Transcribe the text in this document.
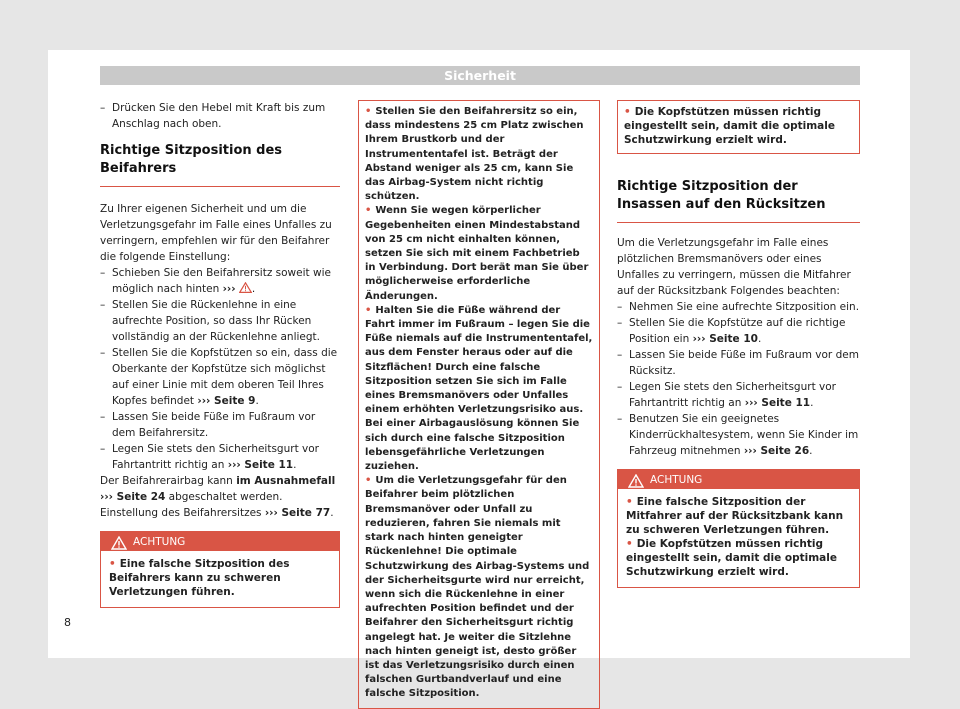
Sicherheit
– Drücken Sie den Hebel mit Kraft bis zum Anschlag nach oben.
Richtige Sitzposition des Beifahrers

Zu Ihrer eigenen Sicherheit und um die Verletzungsgefahr im Falle eines Unfalles zu verringern, empfehlen wir für den Beifahrer die folgende Einstellung:

– Schieben Sie den Beifahrersitz soweit wie möglich nach hinten ››› .
– Stellen Sie die Rückenlehne in eine aufrechte Position, so dass Ihr Rücken vollständig an der Rückenlehne anliegt.
– Stellen Sie die Kopfstützen so ein, dass die Oberkante der Kopfstütze sich möglichst auf einer Linie mit dem oberen Teil Ihres Kopfes befindet ››› Seite 9.
– Lassen Sie beide Füße im Fußraum vor dem Beifahrersitz.
– Legen Sie stets den Sicherheitsgurt vor Fahrtantritt richtig an ››› Seite 11.

Der Beifahrerairbag kann im Ausnahmefall ››› Seite 24 abgeschaltet werden.

Einstellung des Beifahrersitzes ››› Seite 77.

ACHTUNG
• Eine falsche Sitzposition des Beifahrers kann zu schweren Verletzungen führen.
• Stellen Sie den Beifahrersitz so ein, dass mindestens 25 cm Platz zwischen Ihrem Brustkorb und der Instrumententafel ist. Beträgt der Abstand weniger als 25 cm, kann Sie das Airbag-System nicht richtig schützen.
• Wenn Sie wegen körperlicher Gegebenheiten einen Mindestabstand von 25 cm nicht einhalten können, setzen Sie sich mit einem Fachbetrieb in Verbindung. Dort berät man Sie über möglicherweise erforderliche Änderungen.
• Halten Sie die Füße während der Fahrt immer im Fußraum – legen Sie die Füße niemals auf die Instrumententafel, aus dem Fenster heraus oder auf die Sitzflächen! Durch eine falsche Sitzposition setzen Sie sich im Falle eines Bremsmanövers oder Unfalles einem erhöhten Verletzungsrisiko aus. Bei einer Airbagauslösung können Sie sich durch eine falsche Sitzposition lebensgefährliche Verletzungen zuziehen.
• Um die Verletzungsgefahr für den Beifahrer beim plötzlichen Bremsmanöver oder Unfall zu reduzieren, fahren Sie niemals mit stark nach hinten geneigter Rückenlehne! Die optimale Schutzwirkung des Airbag-Systems und der Sicherheitsgurte wird nur erreicht, wenn sich die Rückenlehne in einer aufrechten Position befindet und der Beifahrer den Sicherheitsgurt richtig angelegt hat. Je weiter die Sitzlehne nach hinten geneigt ist, desto größer ist das Verletzungsrisiko durch einen falschen Gurtbandverlauf und eine falsche Sitzposition.
• Die Kopfstützen müssen richtig eingestellt sein, damit die optimale Schutzwirkung erzielt wird.
Richtige Sitzposition der Insassen auf den Rücksitzen

Um die Verletzungsgefahr im Falle eines plötzlichen Bremsmanövers oder eines Unfalles zu verringern, müssen die Mitfahrer auf der Rücksitzbank Folgendes beachten:

– Nehmen Sie eine aufrechte Sitzposition ein.
– Stellen Sie die Kopfstütze auf die richtige Position ein ››› Seite 10.
– Lassen Sie beide Füße im Fußraum vor dem Rücksitz.
– Legen Sie stets den Sicherheitsgurt vor Fahrtantritt richtig an ››› Seite 11.
– Benutzen Sie ein geeignetes Kinderrückhaltesystem, wenn Sie Kinder im Fahrzeug mitnehmen ››› Seite 26.
ACHTUNG
• Eine falsche Sitzposition der Mitfahrer auf der Rücksitzbank kann zu schweren Verletzungen führen.
• Die Kopfstützen müssen richtig eingestellt sein, damit die optimale Schutzwirkung erzielt wird.
8
